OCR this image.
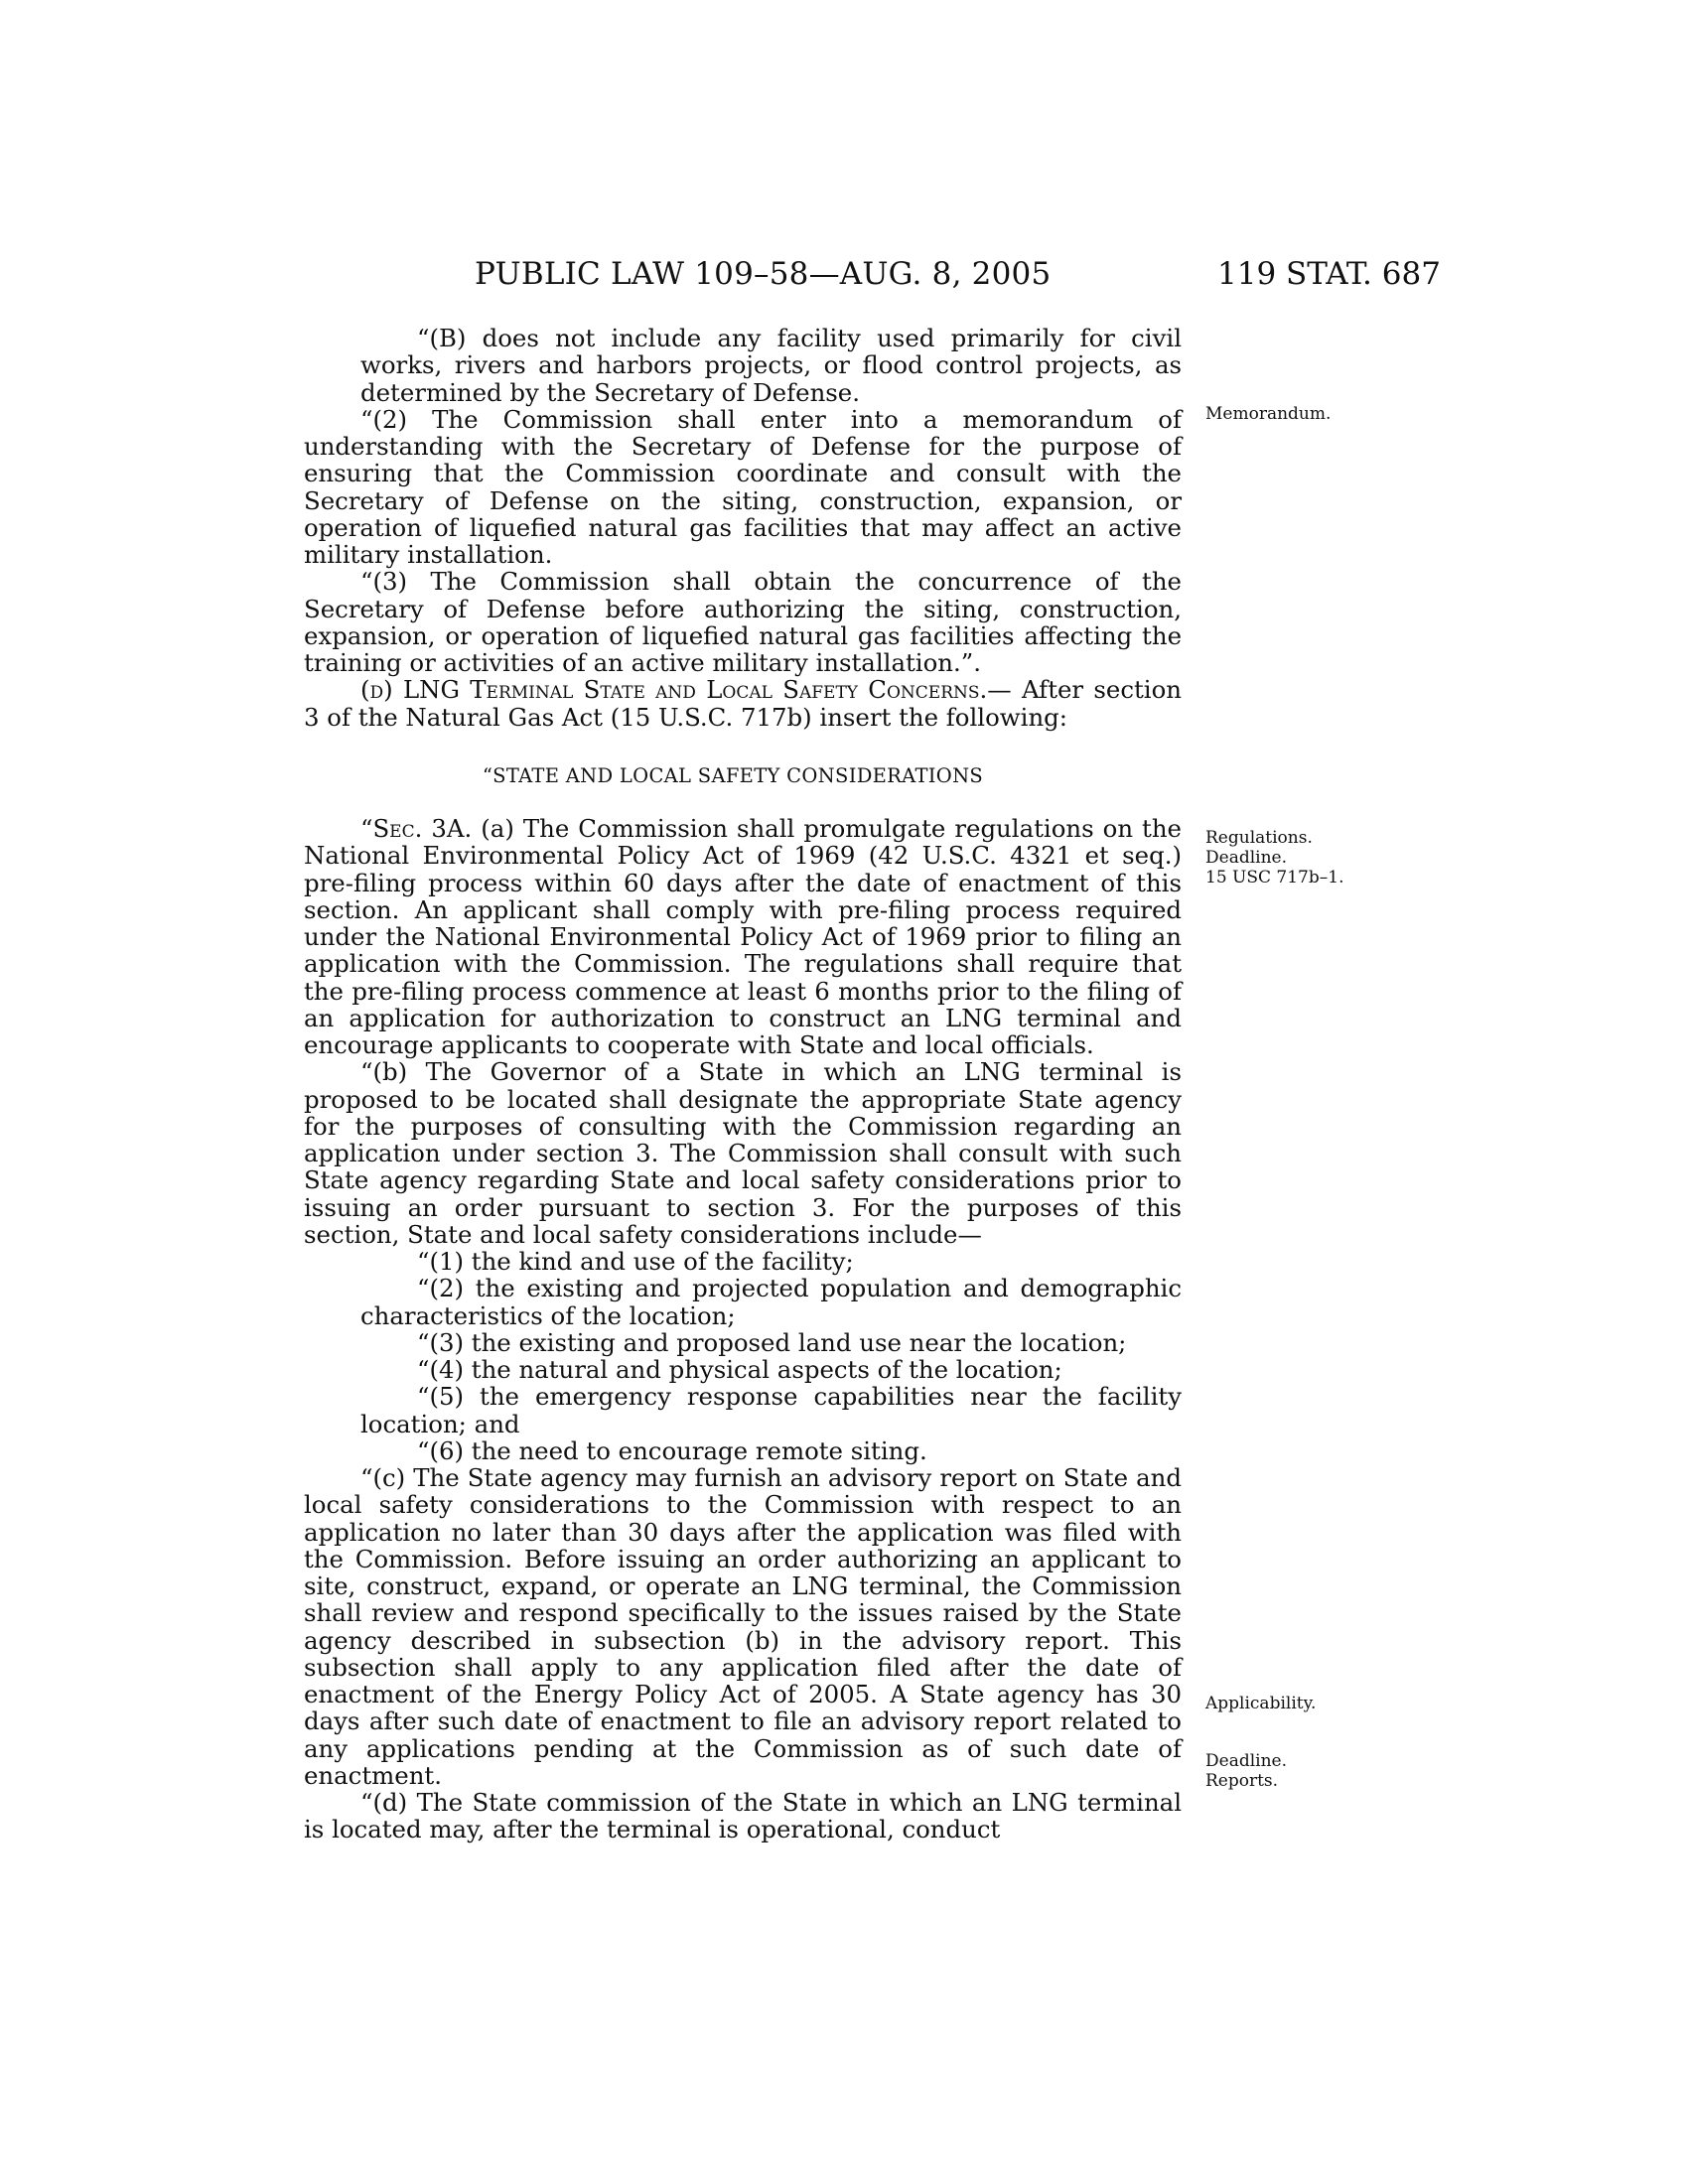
PUBLIC LAW 109–58—AUG. 8, 2005	119 STAT. 687

“(B) does not include any facility used primarily for civil works, rivers and harbors projects, or flood control projects, as determined by the Secretary of Defense.

“(2) The Commission shall enter into a memorandum of understanding with the Secretary of Defense for the purpose of ensuring that the Commission coordinate and consult with the Secretary of Defense on the siting, construction, expansion, or operation of liquefied natural gas facilities that may affect an active military installation.

“(3) The Commission shall obtain the concurrence of the Secretary of Defense before authorizing the siting, construction, expansion, or operation of liquefied natural gas facilities affecting the training or activities of an active military installation.”.

(d) LNG Terminal State and Local Safety Concerns.— After section 3 of the Natural Gas Act (15 U.S.C. 717b) insert the following:

“STATE AND LOCAL SAFETY CONSIDERATIONS

“Sec. 3A. (a) The Commission shall promulgate regulations on the National Environmental Policy Act of 1969 (42 U.S.C. 4321 et seq.) pre-filing process within 60 days after the date of enactment of this section. An applicant shall comply with pre-filing process required under the National Environmental Policy Act of 1969 prior to filing an application with the Commission. The regulations shall require that the pre-filing process commence at least 6 months prior to the filing of an application for authorization to construct an LNG terminal and encourage applicants to cooperate with State and local officials.

“(b) The Governor of a State in which an LNG terminal is proposed to be located shall designate the appropriate State agency for the purposes of consulting with the Commission regarding an application under section 3. The Commission shall consult with such State agency regarding State and local safety considerations prior to issuing an order pursuant to section 3. For the purposes of this section, State and local safety considerations include—

“(1) the kind and use of the facility;

“(2) the existing and projected population and demographic characteristics of the location;

“(3) the existing and proposed land use near the location;

“(4) the natural and physical aspects of the location;

“(5) the emergency response capabilities near the facility location; and

“(6) the need to encourage remote siting.

“(c) The State agency may furnish an advisory report on State and local safety considerations to the Commission with respect to an application no later than 30 days after the application was filed with the Commission. Before issuing an order authorizing an applicant to site, construct, expand, or operate an LNG terminal, the Commission shall review and respond specifically to the issues raised by the State agency described in subsection (b) in the advisory report. This subsection shall apply to any application filed after the date of enactment of the Energy Policy Act of 2005. A State agency has 30 days after such date of enactment to file an advisory report related to any applications pending at the Commission as of such date of enactment.

“(d) The State commission of the State in which an LNG terminal is located may, after the terminal is operational, conduct

Memorandum.
Regulations.
Deadline.
15 USC 717b–1.
Applicability.
Deadline.
Reports.
